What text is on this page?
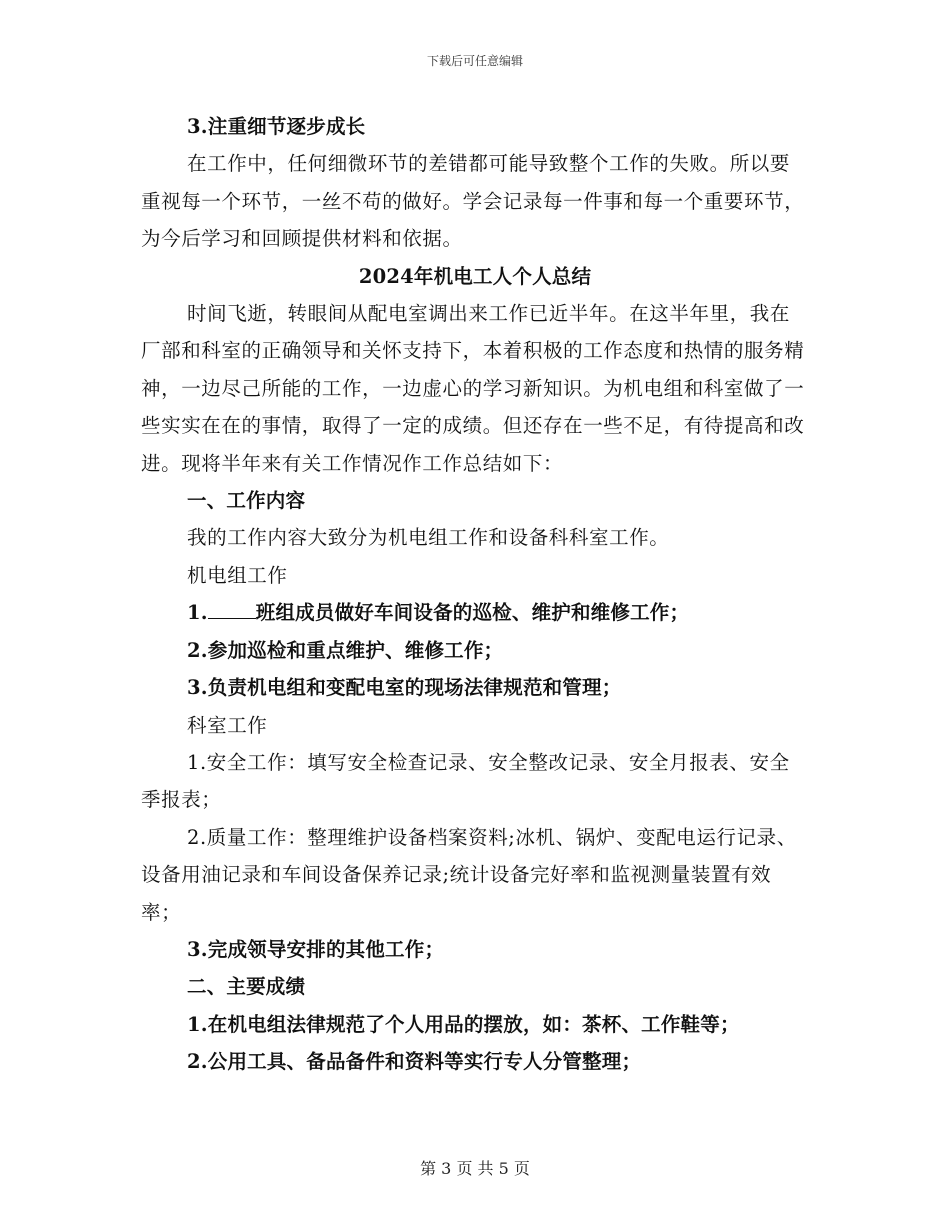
下载后可任意编辑

3.注重细节逐步成长

在工作中，任何细微环节的差错都可能导致整个工作的失败。所以要重视每一个环节，一丝不苟的做好。学会记录每一件事和每一个重要环节，为今后学习和回顾提供材料和依据。

2024年机电工人个人总结

时间飞逝，转眼间从配电室调出来工作已近半年。在这半年里，我在厂部和科室的正确领导和关怀支持下，本着积极的工作态度和热情的服务精神，一边尽己所能的工作，一边虚心的学习新知识。为机电组和科室做了一些实实在在的事情，取得了一定的成绩。但还存在一些不足，有待提高和改进。现将半年来有关工作情况作工作总结如下：

一、工作内容

我的工作内容大致分为机电组工作和设备科科室工作。

机电组工作

1. 班组成员做好车间设备的巡检、维护和维修工作；

2.参加巡检和重点维护、维修工作；

3.负责机电组和变配电室的现场法律规范和管理；

科室工作

1.安全工作：填写安全检查记录、安全整改记录、安全月报表、安全季报表；

2.质量工作：整理维护设备档案资料;冰机、锅炉、变配电运行记录、设备用油记录和车间设备保养记录;统计设备完好率和监视测量装置有效率；

3.完成领导安排的其他工作；

二、主要成绩

1.在机电组法律规范了个人用品的摆放，如：茶杯、工作鞋等；

2.公用工具、备品备件和资料等实行专人分管整理；

第 3 页 共 5 页
